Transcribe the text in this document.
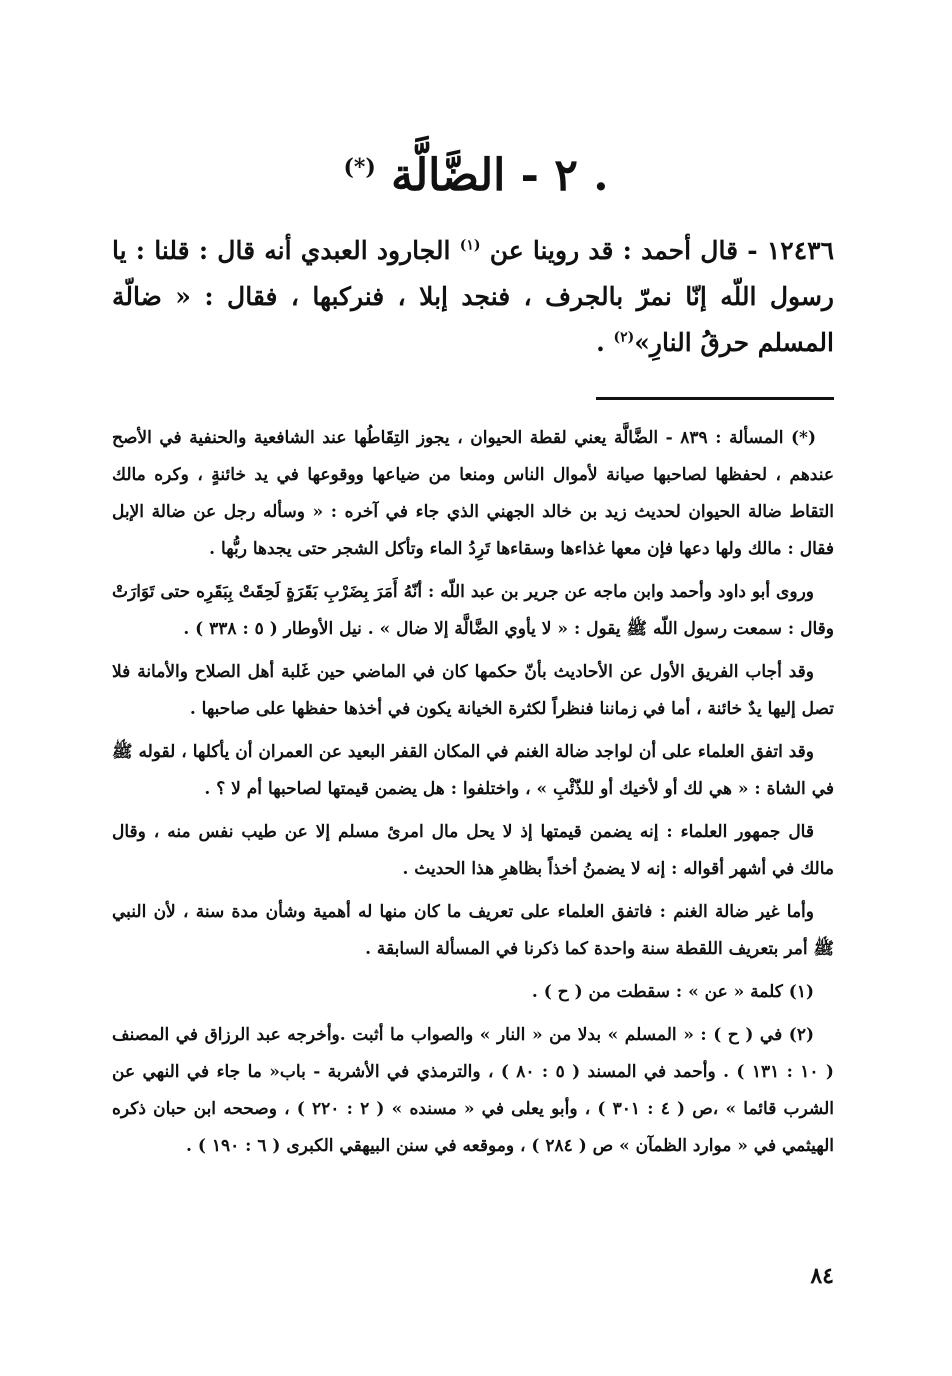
. ٢ - الضَّالَّة (*)
١٢٤٣٦ - قال أحمد : قد روينا عن $^{(١)}$ الجارود العبدي أنه قال : قلنا : يا رسول اللّه إنّا نمرّ بالجرف ، فنجد إبلا ، فنركبها ، فقال : « ضالّة المسلم حرقُ النارِ»$^{(٢)}$ .

(*) المسألة : ٨٣٩ - الضَّالَّة يعني لقطة الحيوان ، يجوز التِقَاطُها عند الشافعية والحنفية في الأصح عندهم ، لحفظها لصاحبها صيانة لأموال الناس ومنعا من ضياعها ووقوعها في يد خائنةٍ ، وكره مالك التقاط ضالة الحيوان لحديث زيد بن خالد الجهني الذي جاء في آخره : « وسأله رجل عن ضالة الإبل فقال : مالك ولها دعها فإن معها غذاءها وسقاءها تَرِدُ الماء وتأكل الشجر حتى يجدها ربُّها .

وروى أبو داود وأحمد وابن ماجه عن جرير بن عبد اللّه : أنّهُ أَمَرَ بِضَرْبِ بَقَرَةٍ لَحِقَتْ بِبَقَرِه حتى تَوَارَتْ وقال : سمعت رسول اللّه ﷺ يقول : « لا يأوي الضَّالَّة إلا ضال » . نيل الأوطار ( ٥ : ٣٣٨ ) .

وقد أجاب الفريق الأول عن الأحاديث بأنّ حكمها كان في الماضي حين غَلبة أهل الصلاح والأمانة فلا تصل إليها يدٌ خائنة ، أما في زماننا فنظراً لكثرة الخيانة يكون في أخذها حفظها على صاحبها .

وقد اتفق العلماء على أن لواجد ضالة الغنم في المكان القفر البعيد عن العمران أن يأكلها ، لقوله ﷺ في الشاة : « هي لك أو لأخيك أو للذّئْبِ » ، واختلفوا : هل يضمن قيمتها لصاحبها أم لا ؟ .

قال جمهور العلماء : إنه يضمن قيمتها إذ لا يحل مال امرئ مسلم إلا عن طيب نفس منه ، وقال مالك في أشهر أقواله : إنه لا يضمنُ أخذاً بظاهرِ هذا الحديث .

وأما غير ضالة الغنم : فاتفق العلماء على تعريف ما كان منها له أهمية وشأن مدة سنة ، لأن النبي ﷺ أمر بتعريف اللقطة سنة واحدة كما ذكرنا في المسألة السابقة .

(١) كلمة « عن » : سقطت من ( ح ) .

(٢) في ( ح ) : « المسلم » بدلا من « النار » والصواب ما أثبت .وأخرجه عبد الرزاق في المصنف ( ١٠ : ١٣١ ) . وأحمد في المسند ( ٥ : ٨٠ ) ، والترمذي في الأشربة - باب« ما جاء في النهي عن الشرب قائما » ،ص ( ٤ : ٣٠١ ) ، وأبو يعلى في « مسنده » ( ٢ : ٢٢٠ ) ، وصححه ابن حبان ذكره الهيثمي في « موارد الظمآن » ص ( ٢٨٤ ) ، وموقعه في سنن البيهقي الكبرى ( ٦ : ١٩٠ ) .

٨٤
